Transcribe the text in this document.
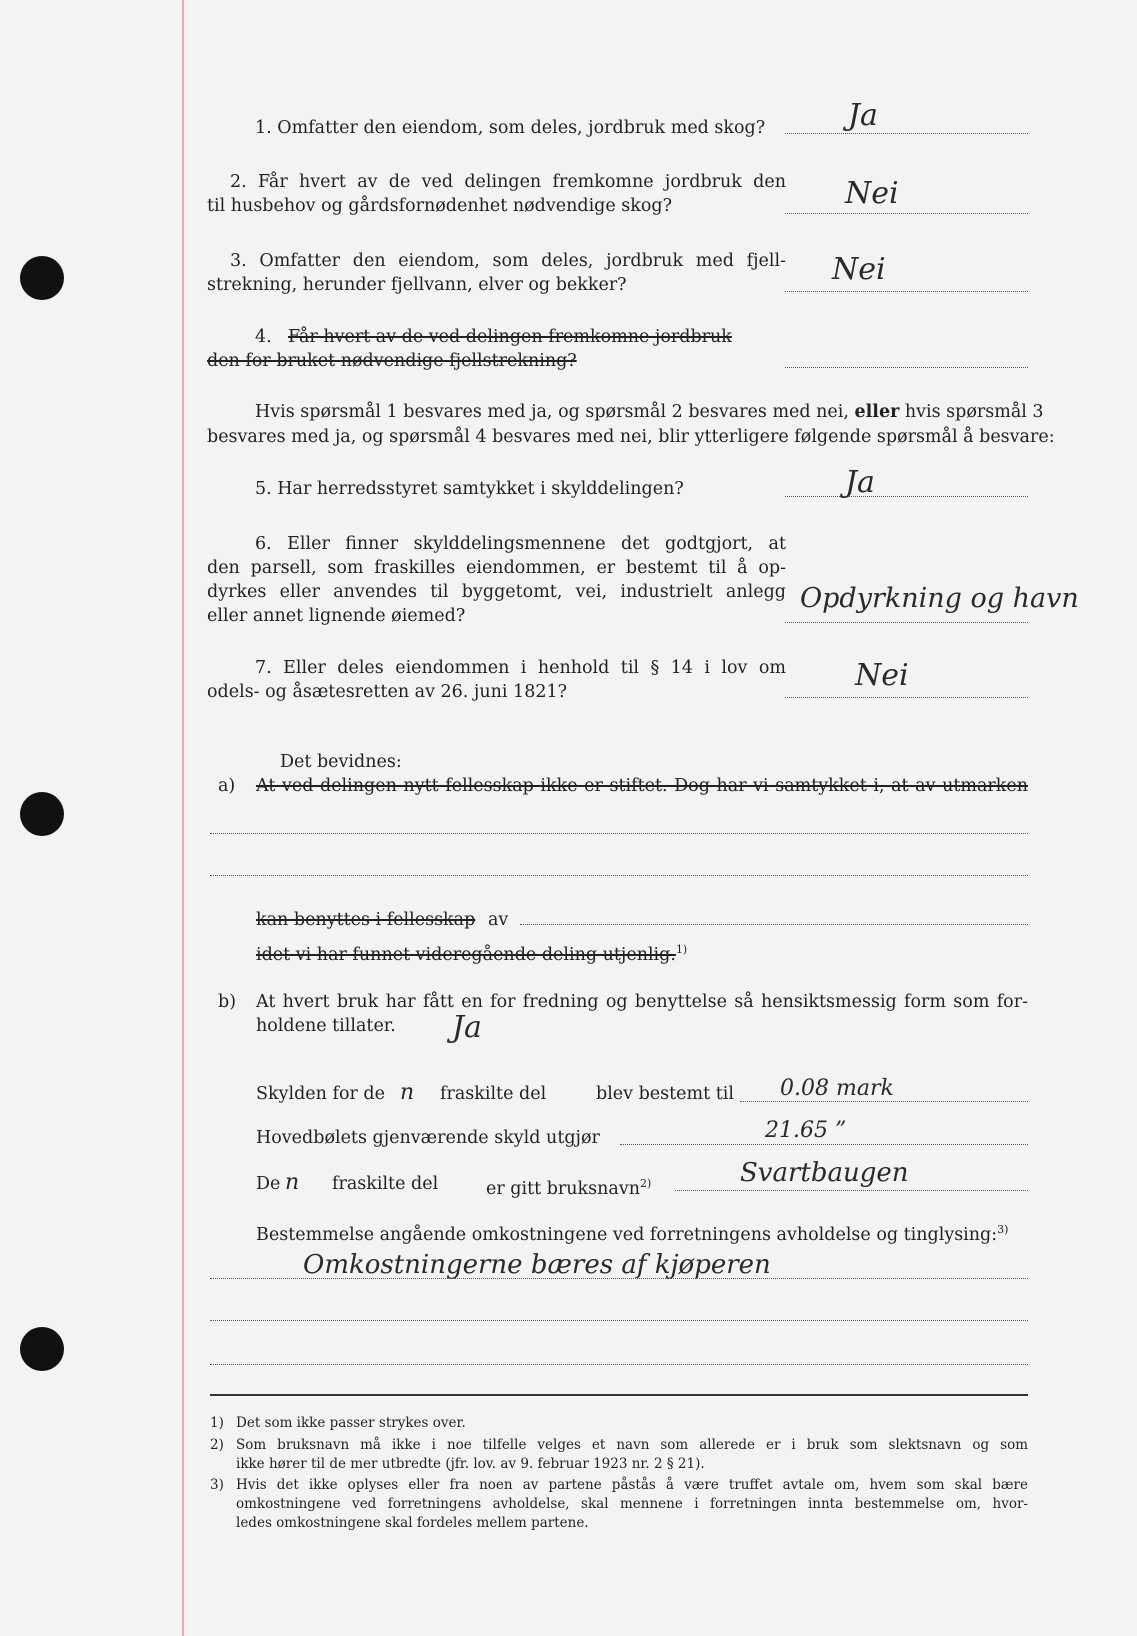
1. Omfatter den eiendom, som deles, jordbruk med skog?	Ja
2. Får hvert av de ved delingen fremkomne jordbruk den
til husbehov og gårdsfornødenhet nødvendige skog?	Nei
3. Omfatter den eiendom, som deles, jordbruk med fjell-
strekning, herunder fjellvann, elver og bekker?	Nei
4. Får hvert av de ved delingen fremkomne jordbruk
den for bruket nødvendige fjellstrekning?
Hvis spørsmål 1 besvares med ja, og spørsmål 2 besvares med nei, eller hvis spørsmål 3
besvares med ja, og spørsmål 4 besvares med nei, blir ytterligere følgende spørsmål å besvare:
5. Har herredsstyret samtykket i skylddelingen?	Ja
6. Eller finner skylddelingsmennene det godtgjort, at
den parsell, som fraskilles eiendommen, er bestemt til å op-
dyrkes eller anvendes til byggetomt, vei, industrielt anlegg
eller annet lignende øiemed?
Opdyrkning og havn
7. Eller deles eiendommen i henhold til § 14 i lov om
odels- og åsætesretten av 26. juni 1821?	Nei
Det bevidnes:
a) At ved delingen nytt fellesskap ikke er stiftet. Dog har vi samtykket i, at av utmarken
kan benyttes i fellesskap av
idet vi har funnet videregående deling utjenlig.$^{1)}$
b) At hvert bruk har fått en for fredning og benyttelse så hensiktsmessig form som for-
holdene tillater. Ja
Skylden for de n fraskilte del	blev bestemt til 0.08 mark
Hovedbølets gjenværende skyld utgjør	21.65 ”
De n fraskilte del	er gitt bruksnavn$^{2)}$	Svartbaugen
Bestemmelse angående omkostningene ved forretningens avholdelse og tinglysing:$^{3)}$
Omkostningerne bæres af kjøperen
1) Det som ikke passer strykes over.
2) Som bruksnavn må ikke i noe tilfelle velges et navn som allerede er i bruk som slektsnavn og som
ikke hører til de mer utbredte (jfr. lov. av 9. februar 1923 nr. 2 § 21).
3) Hvis det ikke oplyses eller fra noen av partene påstås å være truffet avtale om, hvem som skal bære
omkostningene ved forretningens avholdelse, skal mennene i forretningen innta bestemmelse om, hvor-
ledes omkostningene skal fordeles mellem partene.
